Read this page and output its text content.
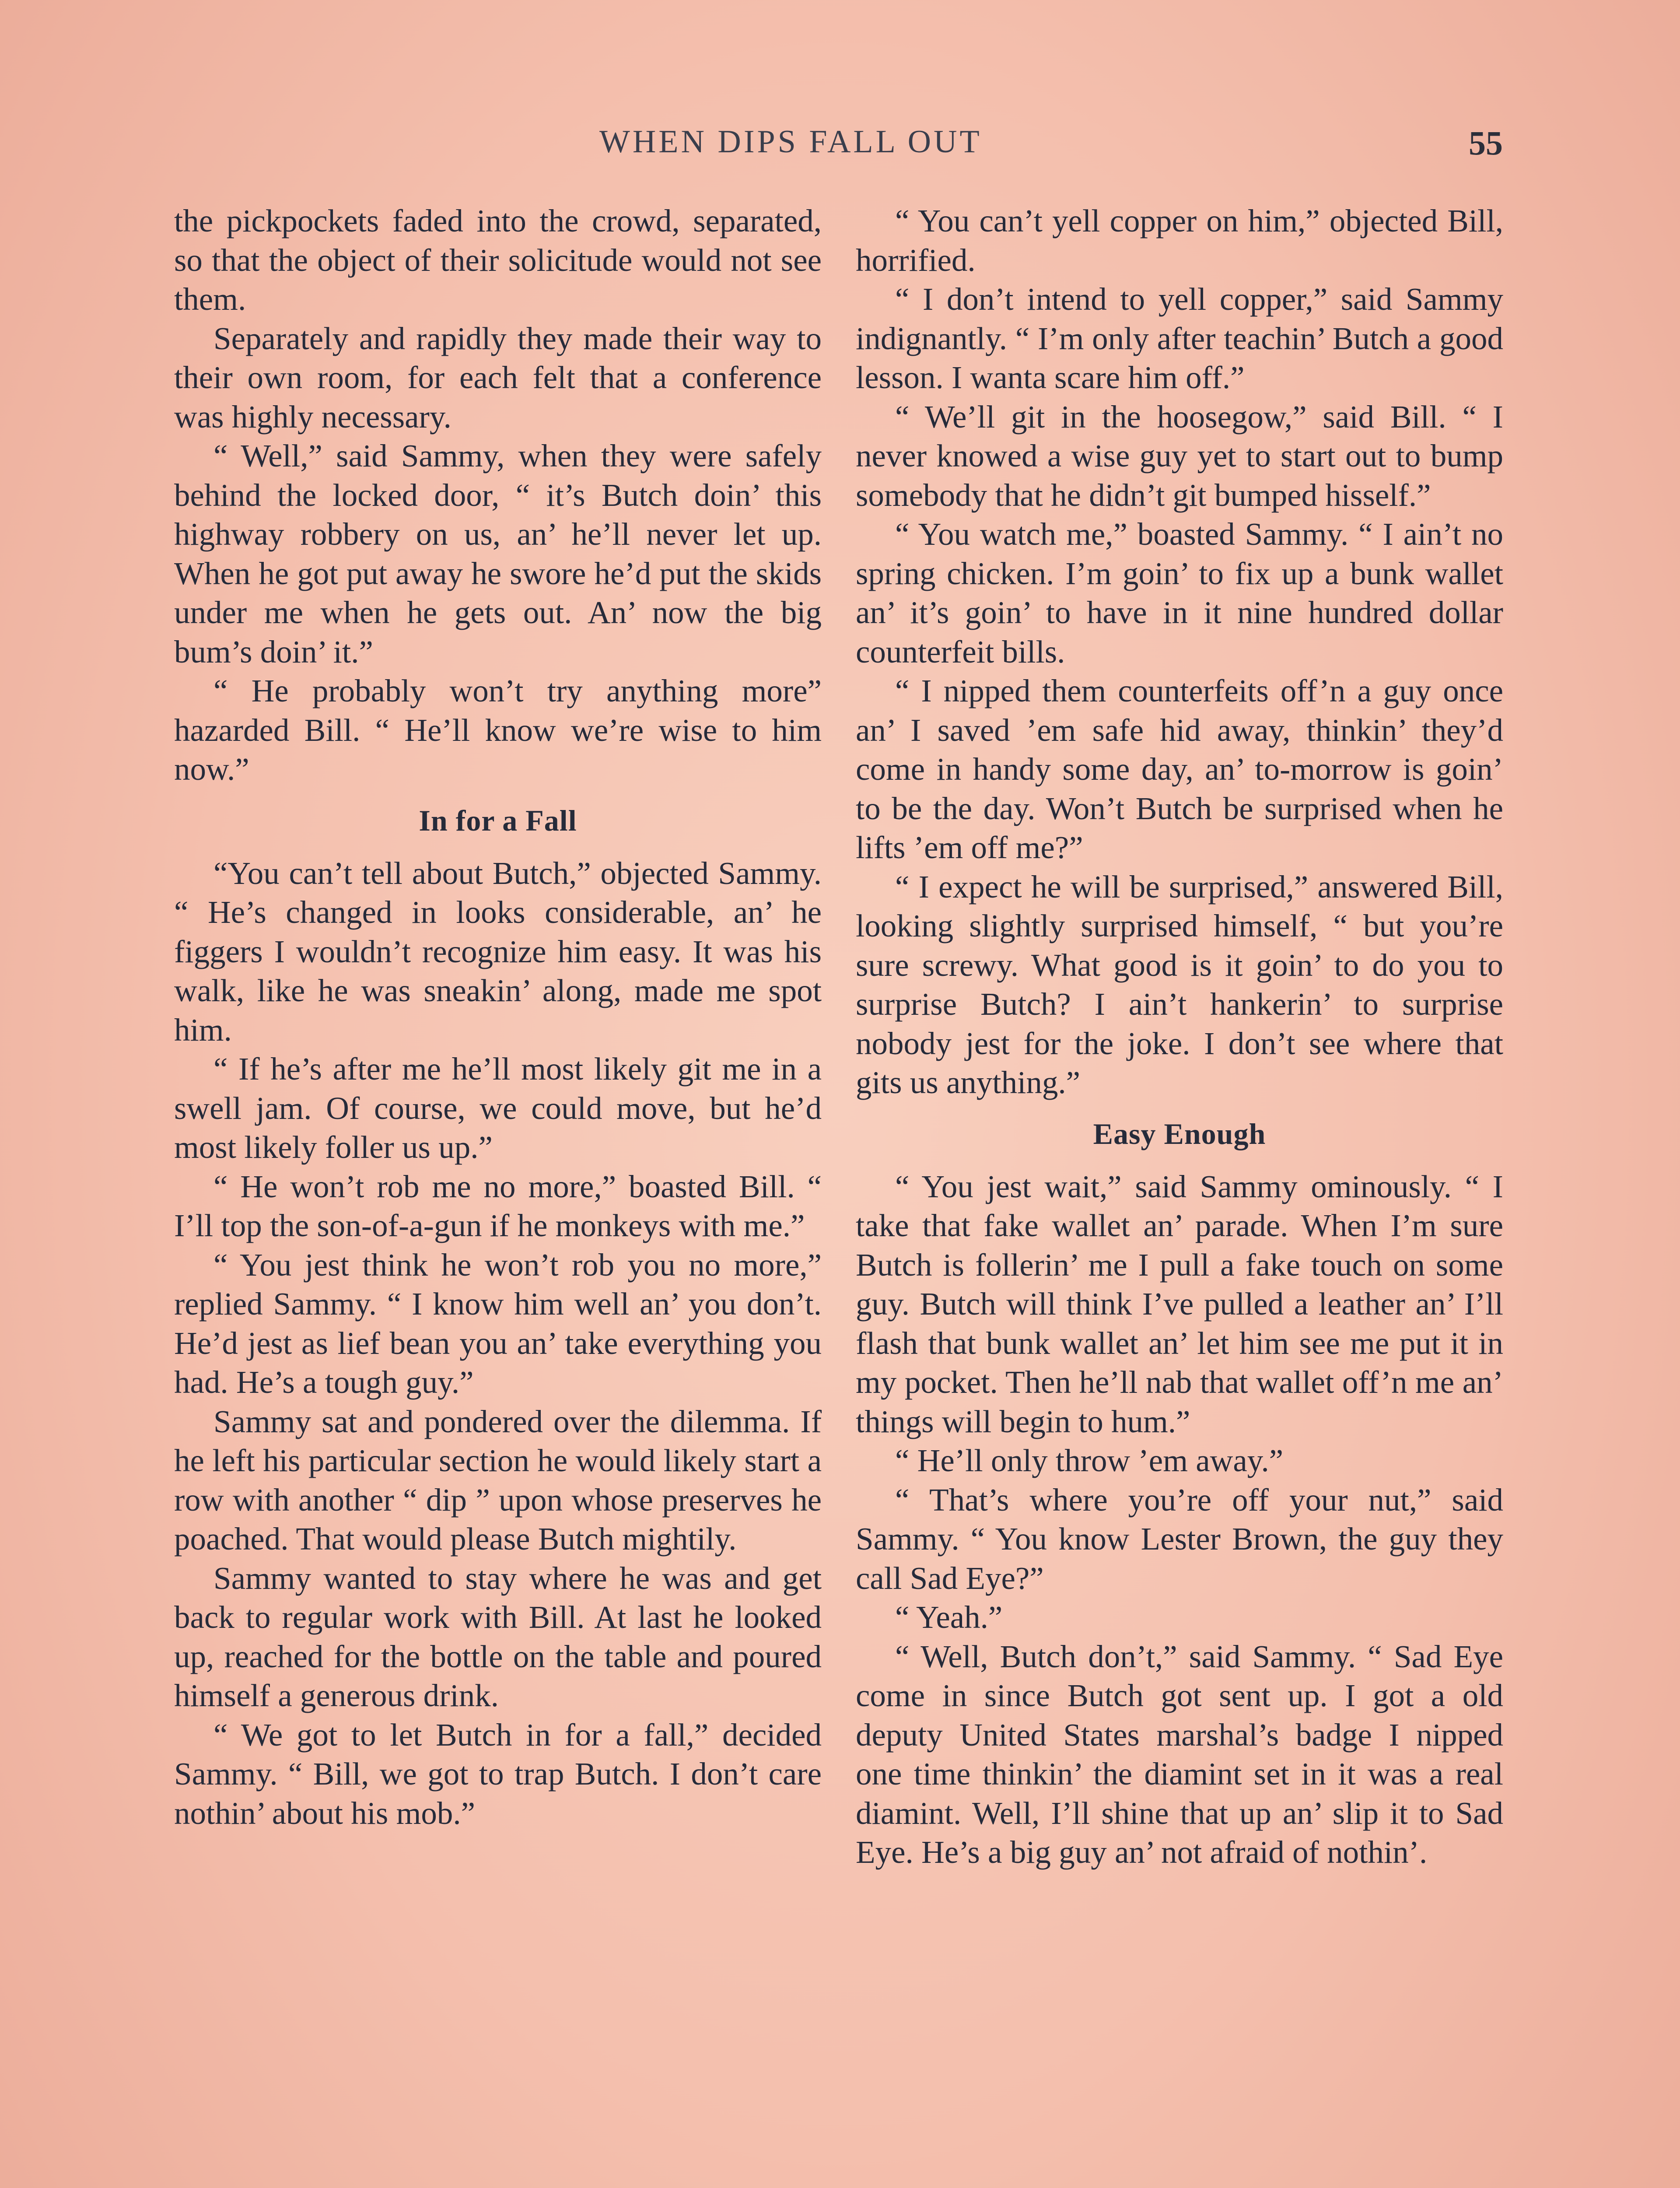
WHEN DIPS FALL OUT	55

the pickpockets faded into the crowd, separated, so that the object of their solicitude would not see them.

Separately and rapidly they made their way to their own room, for each felt that a conference was highly necessary.

“ Well,” said Sammy, when they were safely behind the locked door, “ it’s Butch doin’ this highway robbery on us, an’ he’ll never let up. When he got put away he swore he’d put the skids under me when he gets out. An’ now the big bum’s doin’ it.”

“ He probably won’t try anything more” hazarded Bill. “ He’ll know we’re wise to him now.”

In for a Fall

“You can’t tell about Butch,” objected Sammy. “ He’s changed in looks considerable, an’ he figgers I wouldn’t recognize him easy. It was his walk, like he was sneakin’ along, made me spot him.

“ If he’s after me he’ll most likely git me in a swell jam. Of course, we could move, but he’d most likely foller us up.”

“ He won’t rob me no more,” boasted Bill. “ I’ll top the son-of-a-gun if he monkeys with me.”

“ You jest think he won’t rob you no more,” replied Sammy. “ I know him well an’ you don’t. He’d jest as lief bean you an’ take everything you had. He’s a tough guy.”

Sammy sat and pondered over the dilemma. If he left his particular section he would likely start a row with another “ dip ” upon whose preserves he poached. That would please Butch mightily.

Sammy wanted to stay where he was and get back to regular work with Bill. At last he looked up, reached for the bottle on the table and poured himself a generous drink.

“ We got to let Butch in for a fall,” decided Sammy. “ Bill, we got to trap Butch. I don’t care nothin’ about his mob.”

“ You can’t yell copper on him,” objected Bill, horrified.

“ I don’t intend to yell copper,” said Sammy indignantly. “ I’m only after teachin’ Butch a good lesson. I wanta scare him off.”

“ We’ll git in the hoosegow,” said Bill. “ I never knowed a wise guy yet to start out to bump somebody that he didn’t git bumped hisself.”

“ You watch me,” boasted Sammy. “ I ain’t no spring chicken. I’m goin’ to fix up a bunk wallet an’ it’s goin’ to have in it nine hundred dollar counterfeit bills.

“ I nipped them counterfeits off’n a guy once an’ I saved ’em safe hid away, thinkin’ they’d come in handy some day, an’ to-morrow is goin’ to be the day. Won’t Butch be surprised when he lifts ’em off me?”

“ I expect he will be surprised,” answered Bill, looking slightly surprised himself, “ but you’re sure screwy. What good is it goin’ to do you to surprise Butch? I ain’t hankerin’ to surprise nobody jest for the joke. I don’t see where that gits us anything.”

Easy Enough

“ You jest wait,” said Sammy ominously. “ I take that fake wallet an’ parade. When I’m sure Butch is follerin’ me I pull a fake touch on some guy. Butch will think I’ve pulled a leather an’ I’ll flash that bunk wallet an’ let him see me put it in my pocket. Then he’ll nab that wallet off’n me an’ things will begin to hum.”

“ He’ll only throw ’em away.”

“ That’s where you’re off your nut,” said Sammy. “ You know Lester Brown, the guy they call Sad Eye?”

“ Yeah.”

“ Well, Butch don’t,” said Sammy. “ Sad Eye come in since Butch got sent up. I got a old deputy United States marshal’s badge I nipped one time thinkin’ the diamint set in it was a real diamint. Well, I’ll shine that up an’ slip it to Sad Eye. He’s a big guy an’ not afraid of nothin’.
